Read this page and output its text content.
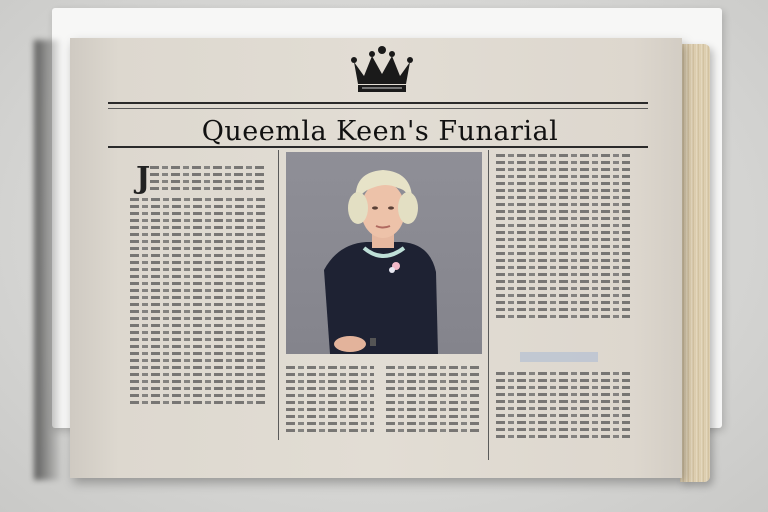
Queemla Keen's Funarial
J
